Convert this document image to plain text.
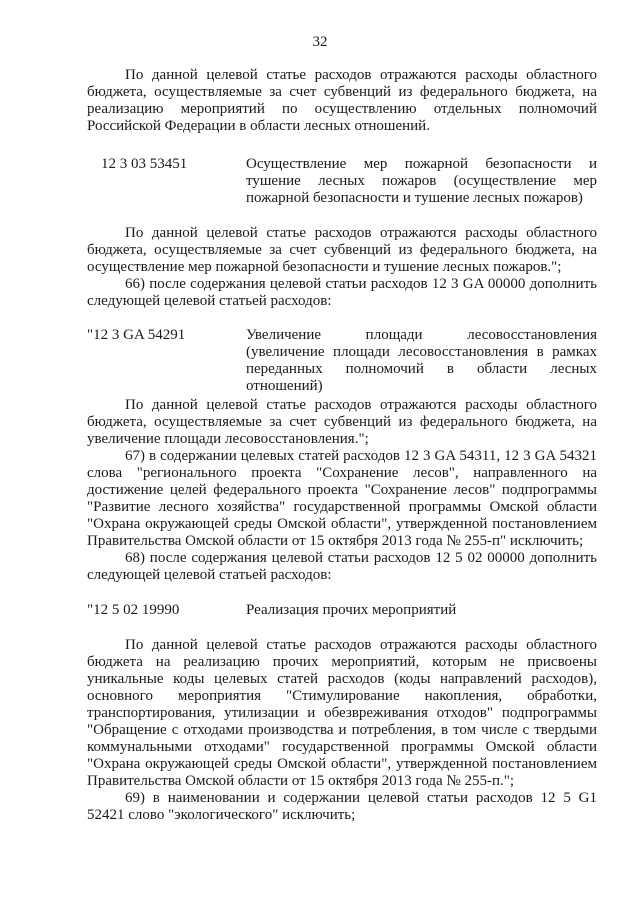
32

По данной целевой статье расходов отражаются расходы областного бюджета, осуществляемые за счет субвенций из федерального бюджета, на реализацию мероприятий по осуществлению отдельных полномочий Российской Федерации в области лесных отношений.

12 3 03 53451	Осуществление мер пожарной безопасности и
тушение лесных пожаров (осуществление мер пожарной безопасности и тушение лесных пожаров)

По данной целевой статье расходов отражаются расходы областного бюджета, осуществляемые за счет субвенций из федерального бюджета, на осуществление мер пожарной безопасности и тушение лесных пожаров.";

66) после содержания целевой статьи расходов 12 3 GA 00000 дополнить следующей целевой статьей расходов:

"12 3 GA 54291	Увеличение площади лесовосстановления
(увеличение площади лесовосстановления в рамках переданных полномочий в области лесных отношений)

По данной целевой статье расходов отражаются расходы областного бюджета, осуществляемые за счет субвенций из федерального бюджета, на увеличение площади лесовосстановления.";

67) в содержании целевых статей расходов 12 3 GA 54311, 12 3 GA 54321 слова "регионального проекта "Сохранение лесов", направленного на достижение целей федерального проекта "Сохранение лесов" подпрограммы "Развитие лесного хозяйства" государственной программы Омской области "Охрана окружающей среды Омской области", утвержденной постановлением Правительства Омской области от 15 октября 2013 года № 255-п" исключить;

68) после содержания целевой статьи расходов 12 5 02 00000 дополнить следующей целевой статьей расходов:

"12 5 02 19990	Реализация прочих мероприятий

По данной целевой статье расходов отражаются расходы областного бюджета на реализацию прочих мероприятий, которым не присвоены уникальные коды целевых статей расходов (коды направлений расходов), основного мероприятия "Стимулирование накопления, обработки, транспортирования, утилизации и обезвреживания отходов" подпрограммы "Обращение с отходами производства и потребления, в том числе с твердыми коммунальными отходами" государственной программы Омской области "Охрана окружающей среды Омской области", утвержденной постановлением Правительства Омской области от 15 октября 2013 года № 255-п.";

69) в наименовании и содержании целевой статьи расходов 12 5 G1 52421 слово "экологического" исключить;
